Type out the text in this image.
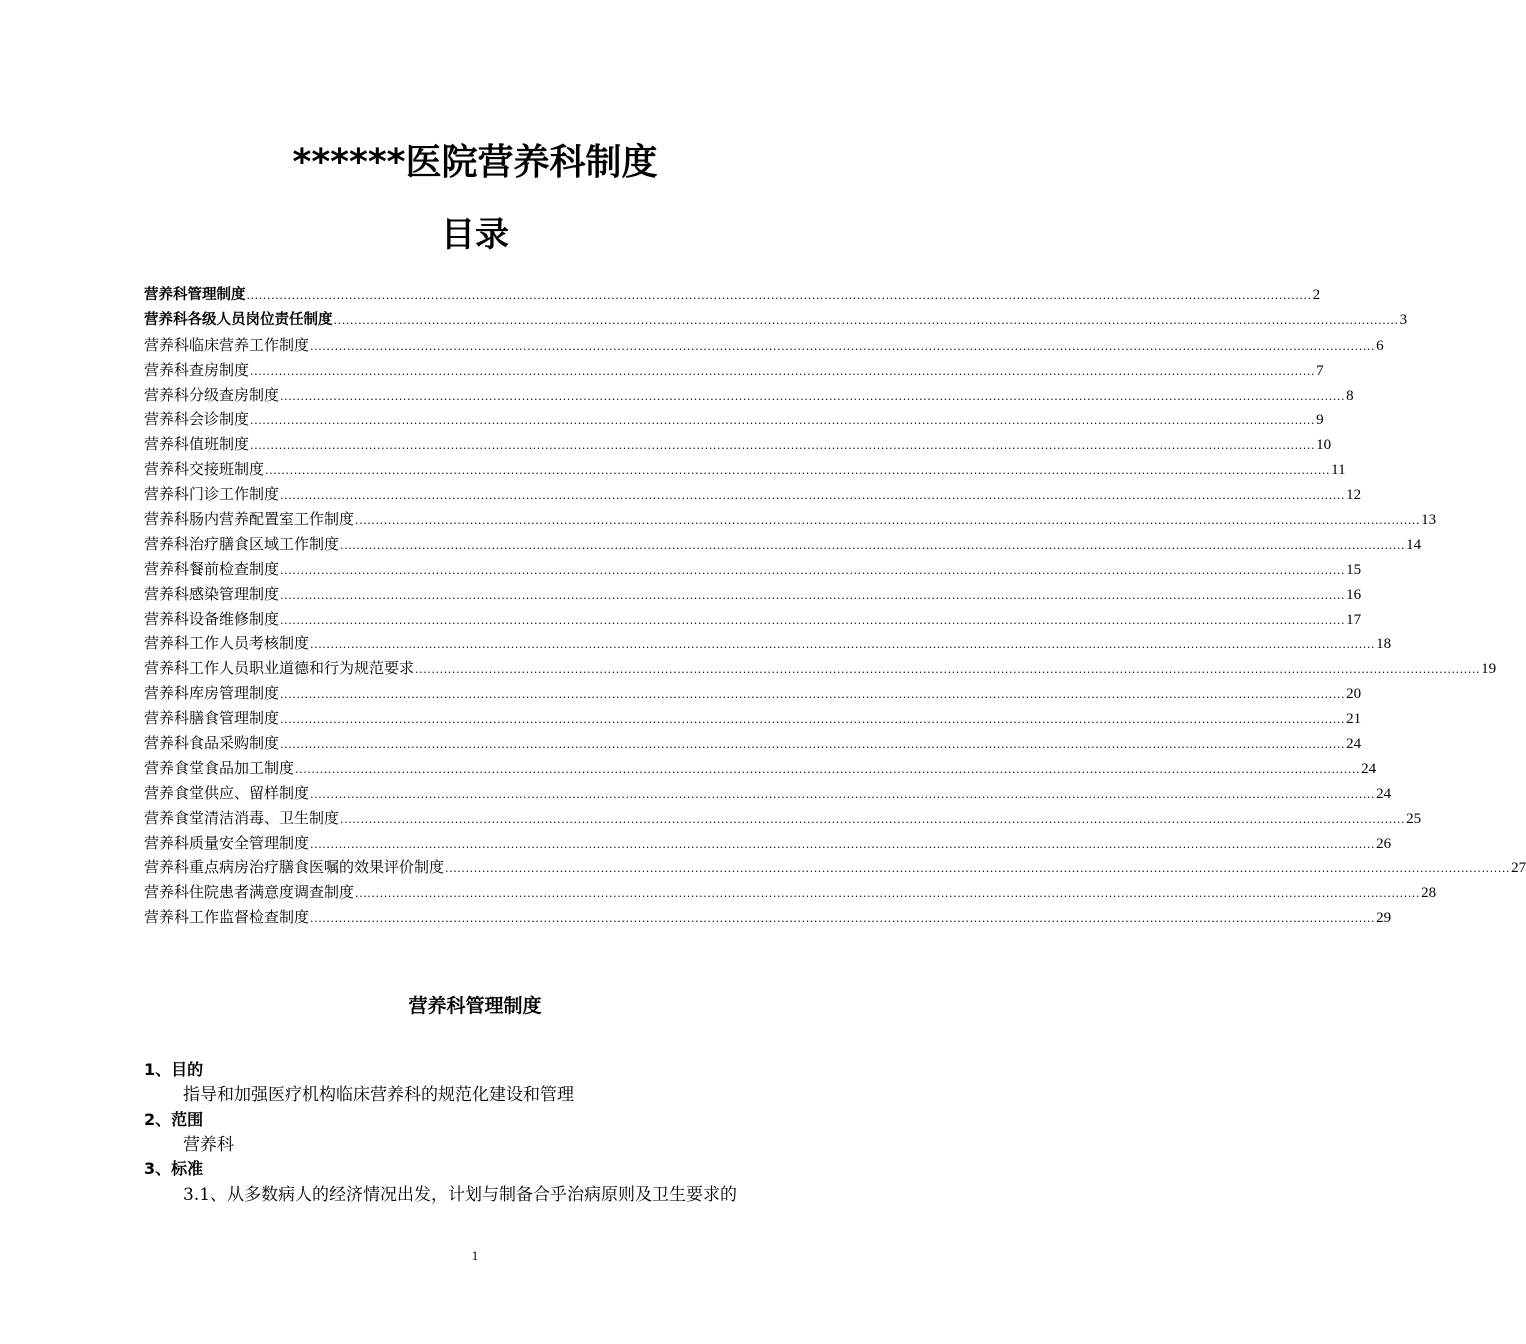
******医院营养科制度
目录
营养科管理制度 .................................................................................................................................................................................................................................................................... 2
营养科各级人员岗位责任制度 .................................................................................................................................................................................................................................................................... 3
营养科临床营养工作制度 .................................................................................................................................................................................................................................................................... 6
营养科查房制度 .................................................................................................................................................................................................................................................................... 7
营养科分级查房制度 .................................................................................................................................................................................................................................................................... 8
营养科会诊制度 .................................................................................................................................................................................................................................................................... 9
营养科值班制度 .................................................................................................................................................................................................................................................................... 10
营养科交接班制度 .................................................................................................................................................................................................................................................................... 11
营养科门诊工作制度 .................................................................................................................................................................................................................................................................... 12
营养科肠内营养配置室工作制度 .................................................................................................................................................................................................................................................................... 13
营养科治疗膳食区域工作制度 .................................................................................................................................................................................................................................................................... 14
营养科餐前检查制度 .................................................................................................................................................................................................................................................................... 15
营养科感染管理制度 .................................................................................................................................................................................................................................................................... 16
营养科设备维修制度 .................................................................................................................................................................................................................................................................... 17
营养科工作人员考核制度 .................................................................................................................................................................................................................................................................... 18
营养科工作人员职业道德和行为规范要求 .................................................................................................................................................................................................................................................................... 19
营养科库房管理制度 .................................................................................................................................................................................................................................................................... 20
营养科膳食管理制度 .................................................................................................................................................................................................................................................................... 21
营养科食品采购制度 .................................................................................................................................................................................................................................................................... 24
营养食堂食品加工制度 .................................................................................................................................................................................................................................................................... 24
营养食堂供应、留样制度 .................................................................................................................................................................................................................................................................... 24
营养食堂清洁消毒、卫生制度 .................................................................................................................................................................................................................................................................... 25
营养科质量安全管理制度 .................................................................................................................................................................................................................................................................... 26
营养科重点病房治疗膳食医嘱的效果评价制度 .................................................................................................................................................................................................................................................................... 27
营养科住院患者满意度调查制度 .................................................................................................................................................................................................................................................................... 28
营养科工作监督检查制度 .................................................................................................................................................................................................................................................................... 29
营养科管理制度
1、目的
指导和加强医疗机构临床营养科的规范化建设和管理
2、范围
营养科
3、标准
3.1、从多数病人的经济情况出发，计划与制备合乎治病原则及卫生要求的
1
